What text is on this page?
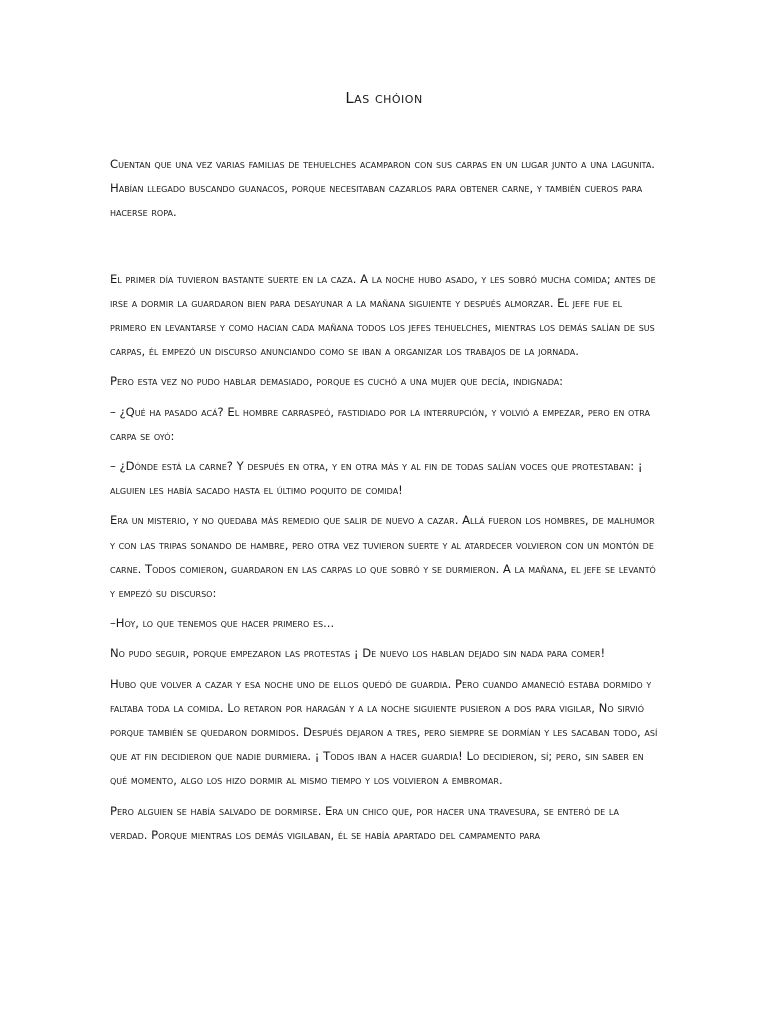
Las chóion

Cuentan que una vez varias familias de tehuelches acamparon con sus carpas en un lugar junto a una lagunita. Habían llegado buscando guanacos, porque necesitaban cazarlos para obtener carne, y también cueros para hacerse ropa.

El primer día tuvieron bastante suerte en la caza. A la noche hubo asado, y les sobró mucha comida; antes de irse a dormir la guardaron bien para desayunar a la mañana siguiente y después almorzar. El jefe fue el primero en levantarse y como hacian cada mañana todos los jefes tehuelches, mientras los demás salían de sus carpas, él empezó un discurso anunciando como se iban a organizar los trabajos de la jornada.

Pero esta vez no pudo hablar demasiado, porque es cuchó a una mujer que decía, indignada:

– ¿Qué ha pasado acá? El hombre carraspeó, fastidiado por la interrupción, y volvió a empezar, pero en otra carpa se oyó:

– ¿Dónde está la carne? Y después en otra, y en otra más y al fin de todas salían voces que protestaban: ¡ alguien les había sacado hasta el último poquito de comida!

Era un misterio, y no quedaba más remedio que salir de nuevo a cazar. Allá fueron los hombres, de malhumor y con las tripas sonando de hambre, pero otra vez tuvieron suerte y al atardecer volvieron con un montón de carne. Todos comieron, guardaron en las carpas lo que sobró y se durmieron. A la mañana, el jefe se levantó y empezó su discurso:

–Hoy, lo que tenemos que hacer primero es...

No pudo seguir, porque empezaron las protestas ¡ De nuevo los hablan dejado sin nada para comer!

Hubo que volver a cazar y esa noche uno de ellos quedó de guardia. Pero cuando amaneció estaba dormido y faltaba toda la comida. Lo retaron por haragán y a la noche siguiente pusieron a dos para vigilar, No sirvió porque también se quedaron dormidos. Después dejaron a tres, pero siempre se dormían y les sacaban todo, así que at fin decidieron que nadie durmiera. ¡ Todos iban a hacer guardia! Lo decidieron, sí; pero, sin saber en qué momento, algo los hizo dormir al mismo tiempo y los volvieron a embromar.

Pero alguien se había salvado de dormirse. Era un chico que, por hacer una travesura, se enteró de la verdad. Porque mientras los demás vigilaban, él se había apartado del campamento para
